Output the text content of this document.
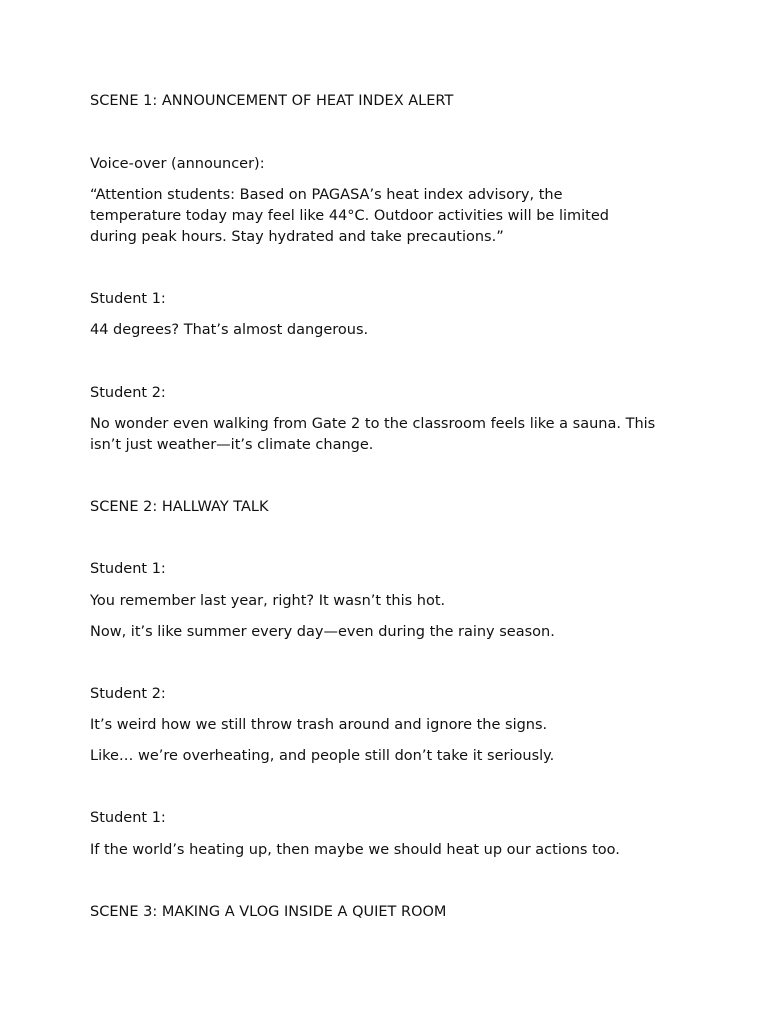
SCENE 1: ANNOUNCEMENT OF HEAT INDEX ALERT
Voice-over (announcer):
“Attention students: Based on PAGASA’s heat index advisory, the temperature today may feel like 44°C. Outdoor activities will be limited during peak hours. Stay hydrated and take precautions.”
Student 1:
44 degrees? That’s almost dangerous.
Student 2:
No wonder even walking from Gate 2 to the classroom feels like a sauna. This isn’t just weather—it’s climate change.
SCENE 2: HALLWAY TALK
Student 1:
You remember last year, right? It wasn’t this hot.
Now, it’s like summer every day—even during the rainy season.
Student 2:
It’s weird how we still throw trash around and ignore the signs.
Like… we’re overheating, and people still don’t take it seriously.
Student 1:
If the world’s heating up, then maybe we should heat up our actions too.
SCENE 3: MAKING A VLOG INSIDE A QUIET ROOM
